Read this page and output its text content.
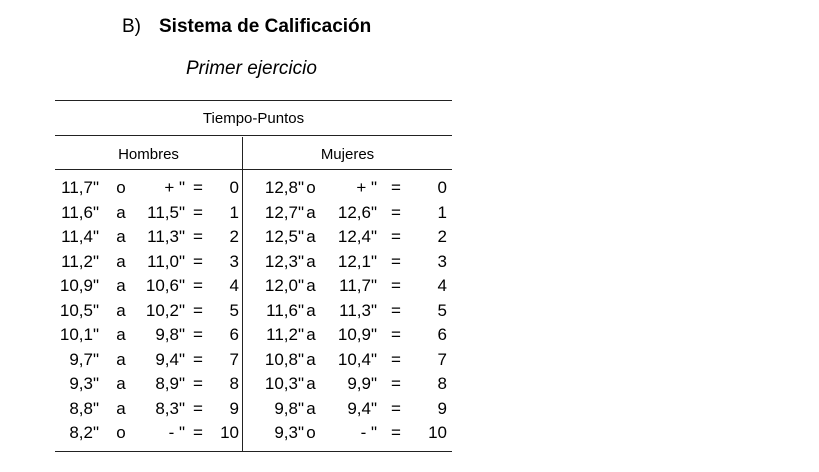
B) Sistema de Calificación
Primer ejercicio
Tiempo-Puntos
Hombres	Mujeres
11,7" o + " = 0 12,8" o + " = 0
11,6" a 11,5" = 1 12,7" a 12,6" = 1
11,4" a 11,3" = 2 12,5" a 12,4" = 2
11,2" a 11,0" = 3 12,3" a 12,1" = 3
10,9" a 10,6" = 4 12,0" a 11,7" = 4
10,5" a 10,2" = 5 11,6" a 11,3" = 5
10,1" a 9,8" = 6 11,2" a 10,9" = 6
9,7" a 9,4" = 7 10,8" a 10,4" = 7
9,3" a 8,9" = 8 10,3" a 9,9" = 8
8,8" a 8,3" = 9 9,8" a 9,4" = 9
8,2" o	- " = 10 9,3" o	- " = 10
